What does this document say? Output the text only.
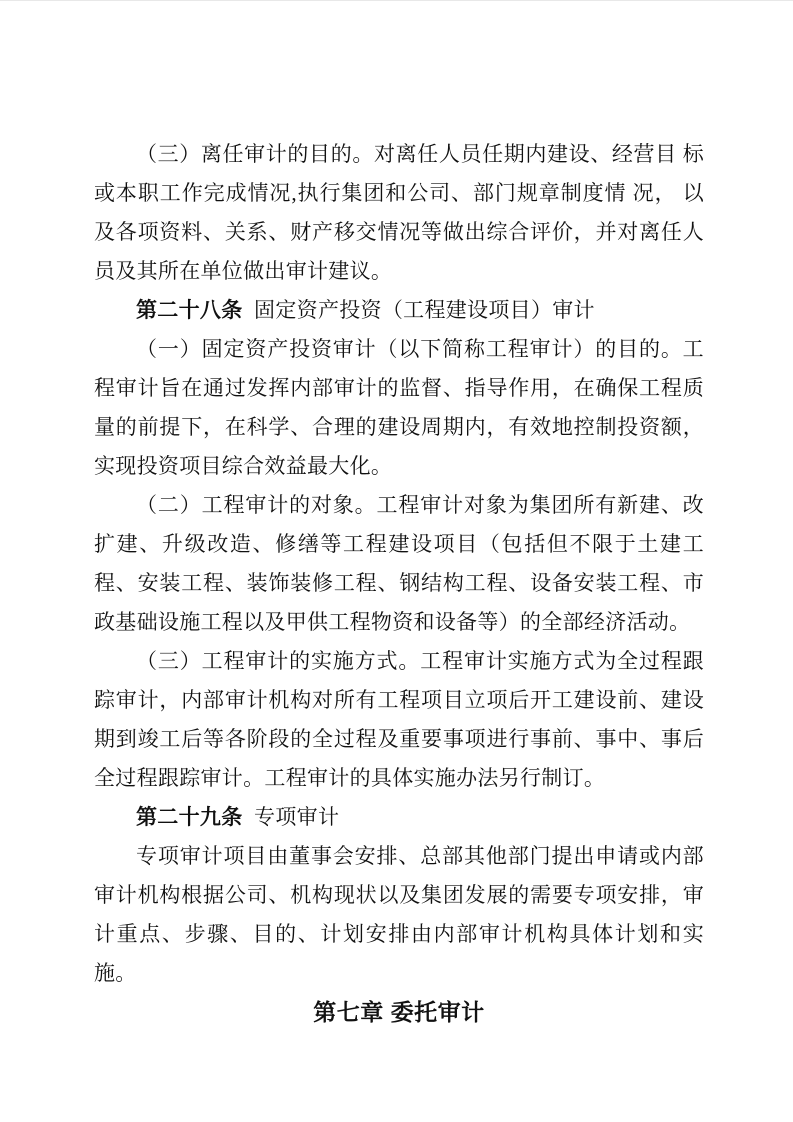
（三）离任审计的目的。对离任人员任期内建设、经营目 标或本职工作完成情况,执行集团和公司、部门规章制度情 况， 以及各项资料、关系、财产移交情况等做出综合评价，并对离任人员及其所在单位做出审计建议。

第二十八条 固定资产投资（工程建设项目）审计

（一）固定资产投资审计（以下简称工程审计）的目的。工程审计旨在通过发挥内部审计的监督、指导作用，在确保工程质量的前提下，在科学、合理的建设周期内，有效地控制投资额，实现投资项目综合效益最大化。

（二）工程审计的对象。工程审计对象为集团所有新建、改扩建、升级改造、修缮等工程建设项目（包括但不限于土建工程、安装工程、装饰装修工程、钢结构工程、设备安装工程、市政基础设施工程以及甲供工程物资和设备等）的全部经济活动。

（三）工程审计的实施方式。工程审计实施方式为全过程跟踪审计，内部审计机构对所有工程项目立项后开工建设前、建设期到竣工后等各阶段的全过程及重要事项进行事前、事中、事后全过程跟踪审计。工程审计的具体实施办法另行制订。

第二十九条 专项审计

专项审计项目由董事会安排、总部其他部门提出申请或内部审计机构根据公司、机构现状以及集团发展的需要专项安排，审计重点、步骤、目的、计划安排由内部审计机构具体计划和实施。

第七章 委托审计
